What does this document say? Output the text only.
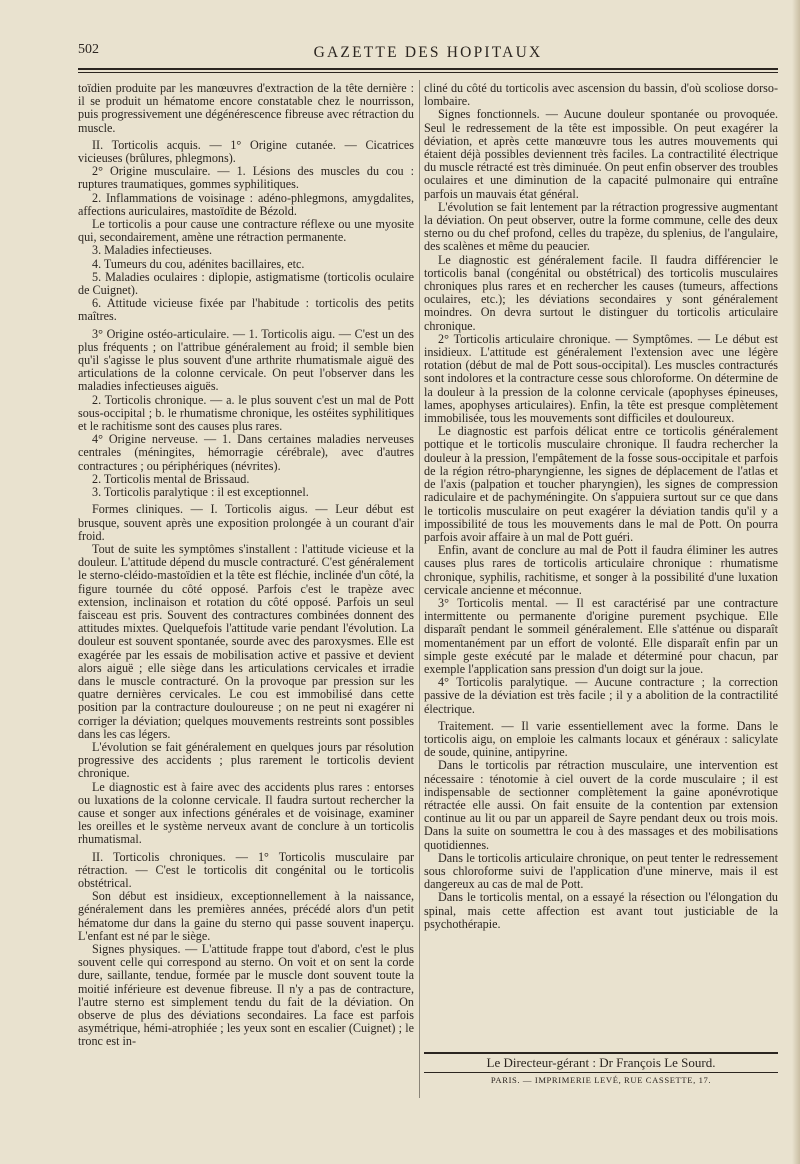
502	GAZETTE DES HOPITAUX

toïdien produite par les manœuvres d'extraction de la tête dernière : il se produit un hématome encore constatable chez le nourrisson, puis progressivement une dégénérescence fibreuse avec rétraction du muscle.

II. Torticolis acquis. — 1° Origine cutanée. — Cicatrices vicieuses (brûlures, phlegmons).

2° Origine musculaire. — 1. Lésions des muscles du cou : ruptures traumatiques, gommes syphilitiques.

2. Inflammations de voisinage : adéno-phlegmons, amygdalites, affections auriculaires, mastoïdite de Bézold.

Le torticolis a pour cause une contracture réflexe ou une myosite qui, secondairement, amène une rétraction permanente.

3. Maladies infectieuses.

4. Tumeurs du cou, adénites bacillaires, etc.

5. Maladies oculaires : diplopie, astigmatisme (torticolis oculaire de Cuignet).

6. Attitude vicieuse fixée par l'habitude : torticolis des petits maîtres.

3° Origine ostéo-articulaire. — 1. Torticolis aigu. — C'est un des plus fréquents ; on l'attribue généralement au froid; il semble bien qu'il s'agisse le plus souvent d'une arthrite rhumatismale aiguë des articulations de la colonne cervicale. On peut l'observer dans les maladies infectieuses aiguës.

2. Torticolis chronique. — a. le plus souvent c'est un mal de Pott sous-occipital ; b. le rhumatisme chronique, les ostéites syphilitiques et le rachitisme sont des causes plus rares.

4° Origine nerveuse. — 1. Dans certaines maladies nerveuses centrales (méningites, hémorragie cérébrale), avec d'autres contractures ; ou périphériques (névrites).

2. Torticolis mental de Brissaud.

3. Torticolis paralytique : il est exceptionnel.

Formes cliniques. — I. Torticolis aigus. — Leur début est brusque, souvent après une exposition prolongée à un courant d'air froid.

Tout de suite les symptômes s'installent : l'attitude vicieuse et la douleur. L'attitude dépend du muscle contracturé. C'est généralement le sterno-cléido-mastoïdien et la tête est fléchie, inclinée d'un côté, la figure tournée du côté opposé. Parfois c'est le trapèze avec extension, inclinaison et rotation du côté opposé. Parfois un seul faisceau est pris. Souvent des contractures combinées donnent des attitudes mixtes. Quelquefois l'attitude varie pendant l'évolution. La douleur est souvent spontanée, sourde avec des paroxysmes. Elle est exagérée par les essais de mobilisation active et passive et devient alors aiguë ; elle siège dans les articulations cervicales et irradie dans le muscle contracturé. On la provoque par pression sur les quatre dernières cervicales. Le cou est immobilisé dans cette position par la contracture douloureuse ; on ne peut ni exagérer ni corriger la déviation; quelques mouvements restreints sont possibles dans les cas légers.

L'évolution se fait généralement en quelques jours par résolution progressive des accidents ; plus rarement le torticolis devient chronique.

Le diagnostic est à faire avec des accidents plus rares : entorses ou luxations de la colonne cervicale. Il faudra surtout rechercher la cause et songer aux infections générales et de voisinage, examiner les oreilles et le système nerveux avant de conclure à un torticolis rhumatismal.

II. Torticolis chroniques. — 1° Torticolis musculaire par rétraction. — C'est le torticolis dit congénital ou le torticolis obstétrical.

Son début est insidieux, exceptionnellement à la naissance, généralement dans les premières années, précédé alors d'un petit hématome dur dans la gaine du sterno qui passe souvent inaperçu. L'enfant est né par le siège.

Signes physiques. — L'attitude frappe tout d'abord, c'est le plus souvent celle qui correspond au sterno. On voit et on sent la corde dure, saillante, tendue, formée par le muscle dont souvent toute la moitié inférieure est devenue fibreuse. Il n'y a pas de contracture, l'autre sterno est simplement tendu du fait de la déviation. On observe de plus des déviations secondaires. La face est parfois asymétrique, hémi-atrophiée ; les yeux sont en escalier (Cuignet) ; le tronc est in-

cliné du côté du torticolis avec ascension du bassin, d'où scoliose dorso-lombaire.

Signes fonctionnels. — Aucune douleur spontanée ou provoquée. Seul le redressement de la tête est impossible. On peut exagérer la déviation, et après cette manœuvre tous les autres mouvements qui étaient déjà possibles deviennent très faciles. La contractilité électrique du muscle rétracté est très diminuée. On peut enfin observer des troubles oculaires et une diminution de la capacité pulmonaire qui entraîne parfois un mauvais état général.

L'évolution se fait lentement par la rétraction progressive augmentant la déviation. On peut observer, outre la forme commune, celle des deux sterno ou du chef profond, celles du trapèze, du splenius, de l'angulaire, des scalènes et même du peaucier.

Le diagnostic est généralement facile. Il faudra différencier le torticolis banal (congénital ou obstétrical) des torticolis musculaires chroniques plus rares et en rechercher les causes (tumeurs, affections oculaires, etc.); les déviations secondaires y sont généralement moindres. On devra surtout le distinguer du torticolis articulaire chronique.

2° Torticolis articulaire chronique. — Symptômes. — Le début est insidieux. L'attitude est généralement l'extension avec une légère rotation (début de mal de Pott sous-occipital). Les muscles contracturés sont indolores et la contracture cesse sous chloroforme. On détermine de la douleur à la pression de la colonne cervicale (apophyses épineuses, lames, apophyses articulaires). Enfin, la tête est presque complètement immobilisée, tous les mouvements sont difficiles et douloureux.

Le diagnostic est parfois délicat entre ce torticolis généralement pottique et le torticolis musculaire chronique. Il faudra rechercher la douleur à la pression, l'empâtement de la fosse sous-occipitale et parfois de la région rétro-pharyngienne, les signes de déplacement de l'atlas et de l'axis (palpation et toucher pharyngien), les signes de compression radiculaire et de pachyméningite. On s'appuiera surtout sur ce que dans le torticolis musculaire on peut exagérer la déviation tandis qu'il y a impossibilité de tous les mouvements dans le mal de Pott. On pourra parfois avoir affaire à un mal de Pott guéri.

Enfin, avant de conclure au mal de Pott il faudra éliminer les autres causes plus rares de torticolis articulaire chronique : rhumatisme chronique, syphilis, rachitisme, et songer à la possibilité d'une luxation cervicale ancienne et méconnue.

3° Torticolis mental. — Il est caractérisé par une contracture intermittente ou permanente d'origine purement psychique. Elle disparaît pendant le sommeil généralement. Elle s'atténue ou disparaît momentanément par un effort de volonté. Elle disparaît enfin par un simple geste exécuté par le malade et déterminé pour chacun, par exemple l'application sans pression d'un doigt sur la joue.

4° Torticolis paralytique. — Aucune contracture ; la correction passive de la déviation est très facile ; il y a abolition de la contractilité électrique.

Traitement. — Il varie essentiellement avec la forme. Dans le torticolis aigu, on emploie les calmants locaux et généraux : salicylate de soude, quinine, antipyrine.

Dans le torticolis par rétraction musculaire, une intervention est nécessaire : ténotomie à ciel ouvert de la corde musculaire ; il est indispensable de sectionner complètement la gaine aponévrotique rétractée elle aussi. On fait ensuite de la contention par extension continue au lit ou par un appareil de Sayre pendant deux ou trois mois. Dans la suite on soumettra le cou à des massages et des mobilisations quotidiennes.

Dans le torticolis articulaire chronique, on peut tenter le redressement sous chloroforme suivi de l'application d'une minerve, mais il est dangereux au cas de mal de Pott.

Dans le torticolis mental, on a essayé la résection ou l'élongation du spinal, mais cette affection est avant tout justiciable de la psychothérapie.

Le Directeur-gérant : Dr François Le Sourd.
PARIS. — IMPRIMERIE LEVÉ, RUE CASSETTE, 17.
